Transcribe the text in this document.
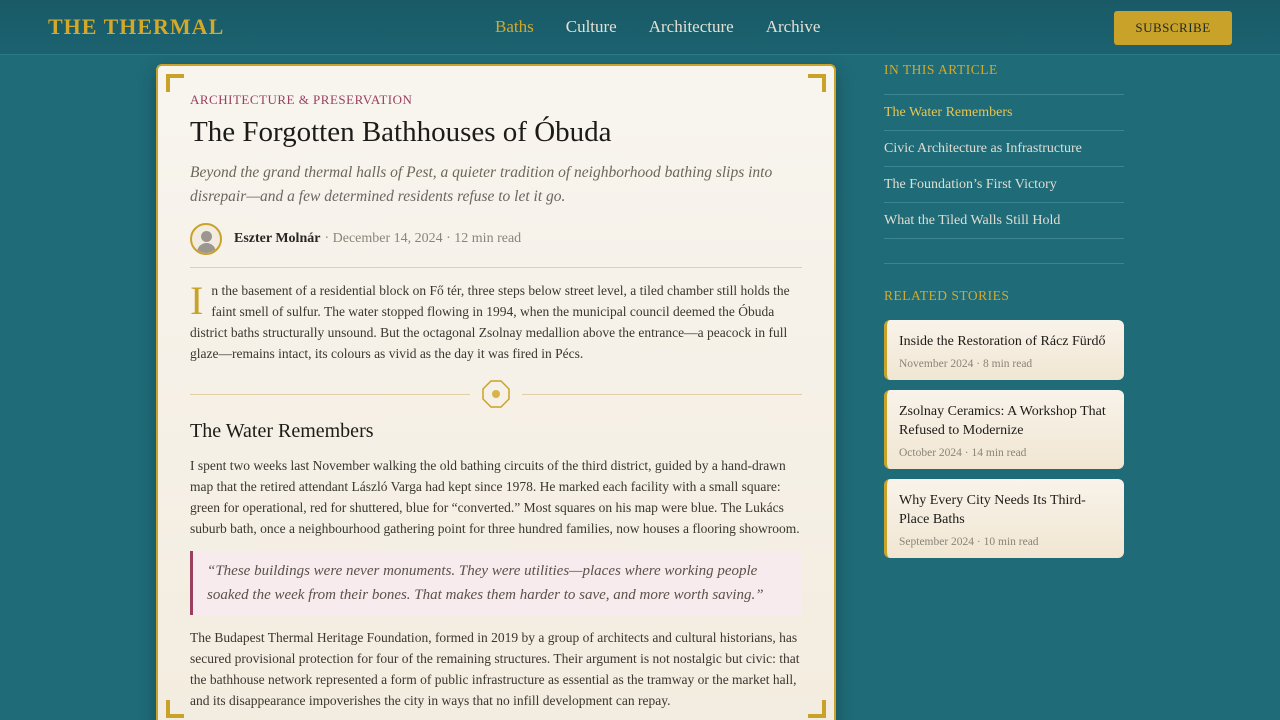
THE THERMAL	Baths Culture Architecture Archive	SUBSCRIBE
ARCHITECTURE & PRESERVATION
The Forgotten Bathhouses of Óbuda

Beyond the grand thermal halls of Pest, a quieter tradition of neighborhood bathing slips into disrepair—and a few determined residents refuse to let it go.

Eszter Molnár · December 14, 2024 · 12 min read

I n the basement of a residential block on Fő tér, three steps below street level, a tiled chamber still holds the faint smell of sulfur. The water stopped flowing in 1994, when the municipal council deemed the Óbuda district baths structurally unsound. But the octagonal Zsolnay medallion above the entrance—a peacock in full glaze—remains intact, its colours as vivid as the day it was fired in Pécs.

The Water Remembers

I spent two weeks last November walking the old bathing circuits of the third district, guided by a hand-drawn map that the retired attendant László Varga had kept since 1978. He marked each facility with a small square: green for operational, red for shuttered, blue for “converted.” Most squares on his map were blue. The Lukács suburb bath, once a neighbourhood gathering point for three hundred families, now houses a flooring showroom.

“These buildings were never monuments. They were utilities—places where working people soaked the week from their bones. That makes them harder to save, and more worth saving.”

The Budapest Thermal Heritage Foundation, formed in 2019 by a group of architects and cultural historians, has secured provisional protection for four of the remaining structures. Their argument is not nostalgic but civic: that the bathhouse network represented a form of public infrastructure as essential as the tramway or the market hall, and its disappearance impoverishes the city in ways that no infill development can repay.

IN THIS ARTICLE
The Water Remembers
Civic Architecture as Infrastructure
The Foundation’s First Victory
What the Tiled Walls Still Hold
RELATED STORIES
Inside the Restoration of Rácz Fürdő
November 2024 · 8 min read
Zsolnay Ceramics: A Workshop That Refused to Modernize
October 2024 · 14 min read
Why Every City Needs Its Third-Place Baths
September 2024 · 10 min read
